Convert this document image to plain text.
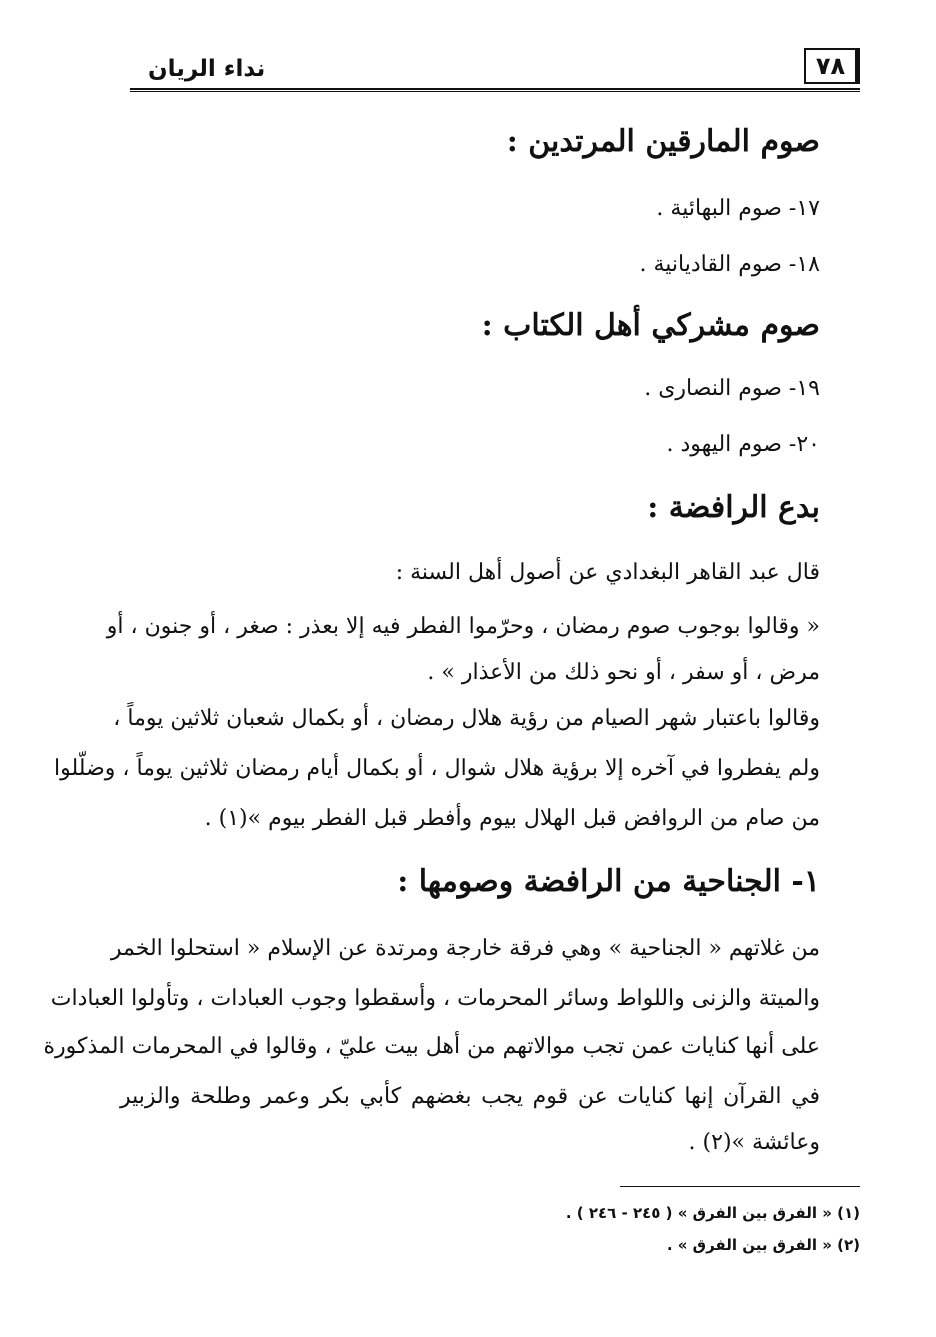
نداء الريان	٧٨
صوم المارقين المرتدين :
١٧- صوم البهائية .
١٨- صوم القاديانية .
صوم مشركي أهل الكتاب :
١٩- صوم النصارى .
٢٠- صوم اليهود .
بدع الرافضة :
قال عبد القاهر البغدادي عن أصول أهل السنة :
« وقالوا بوجوب صوم رمضان ، وحرّموا الفطر فيه إلا بعذر : صغر ، أو جنون ، أو
مرض ، أو سفر ، أو نحو ذلك من الأعذار » .
وقالوا باعتبار شهر الصيام من رؤية هلال رمضان ، أو بكمال شعبان ثلاثين يوماً ،
ولم يفطروا في آخره إلا برؤية هلال شوال ، أو بكمال أيام رمضان ثلاثين يوماً ، وضلّلوا
من صام من الروافض قبل الهلال بيوم وأفطر قبل الفطر بيوم »(١) .
١- الجناحية من الرافضة وصومها :
من غلاتهم « الجناحية » وهي فرقة خارجة ومرتدة عن الإسلام « استحلوا الخمر
والميتة والزنى واللواط وسائر المحرمات ، وأسقطوا وجوب العبادات ، وتأولوا العبادات
على أنها كنايات عمن تجب موالاتهم من أهل بيت عليّ ، وقالوا في المحرمات المذكورة
في القرآن إنها كنايات عن قوم يجب بغضهم كأبي بكر وعمر وطلحة والزبير
وعائشة »(٢) .
(١) « الفرق بين الفرق » ( ٢٤٥ - ٢٤٦ ) .
(٢) « الفرق بين الفرق » .
